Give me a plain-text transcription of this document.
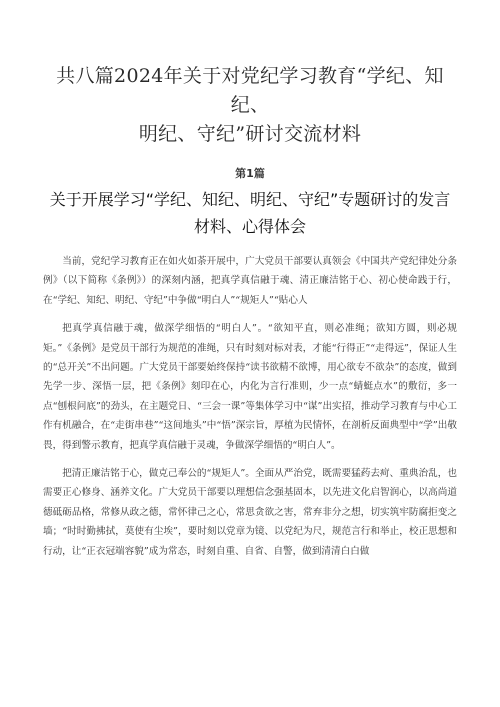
共八篇2024年关于对党纪学习教育“学纪、知纪、
明纪、守纪”研讨交流材料
第1篇
关于开展学习“学纪、知纪、明纪、守纪”专题研讨的发言
材料、心得体会

当前，党纪学习教育正在如火如荼开展中，广大党员干部要认真领会《中国共产党纪律处分条例》（以下简称《条例》）的深刻内涵，把真学真信融于魂、清正廉洁铭于心、初心使命践于行，在“学纪、知纪、明纪、守纪”中争做“明白人”“规矩人”“贴心人

把真学真信融于魂，做深学细悟的“明白人”。“欲知平直，则必准绳；欲知方圆，则必规矩。”《条例》是党员干部行为规范的准绳，只有时刻对标对表，才能“行得正”“走得远”，保证人生的“总开关”不出问题。广大党员干部要始终保持“读书欲精不欲博，用心欲专不欲杂”的态度，做到先学一步、深悟一层，把《条例》刻印在心，内化为言行准则，少一点“蜻蜓点水”的敷衍，多一点“刨根问底”的劲头，在主题党日、“三会一课”等集体学习中“谋”出实招，推动学习教育与中心工作有机融合，在“走街串巷”“这间地头”中“悟”深宗旨，厚植为民情怀，在剖析反面典型中“学”出敬畏，得到警示教育，把真学真信融于灵魂，争做深学细悟的“明白人”。

把清正廉洁铭于心，做克己奉公的“规矩人”。全面从严治党，既需要猛药去疴、重典治乱，也需要正心修身、涵养文化。广大党员干部要以理想信念强基固本，以先进文化启智润心，以高尚道德砥砺品格，常修从政之德，常怀律己之心，常思贪欲之害，常弃非分之想，切实筑牢防腐拒变之墙；“时时勤拂拭，莫使有尘埃”，要时刻以党章为镜、以党纪为尺，规范言行和举止，校正思想和行动，让“正衣冠端容貌”成为常态，时刻自重、自省、自警，做到清清白白做
